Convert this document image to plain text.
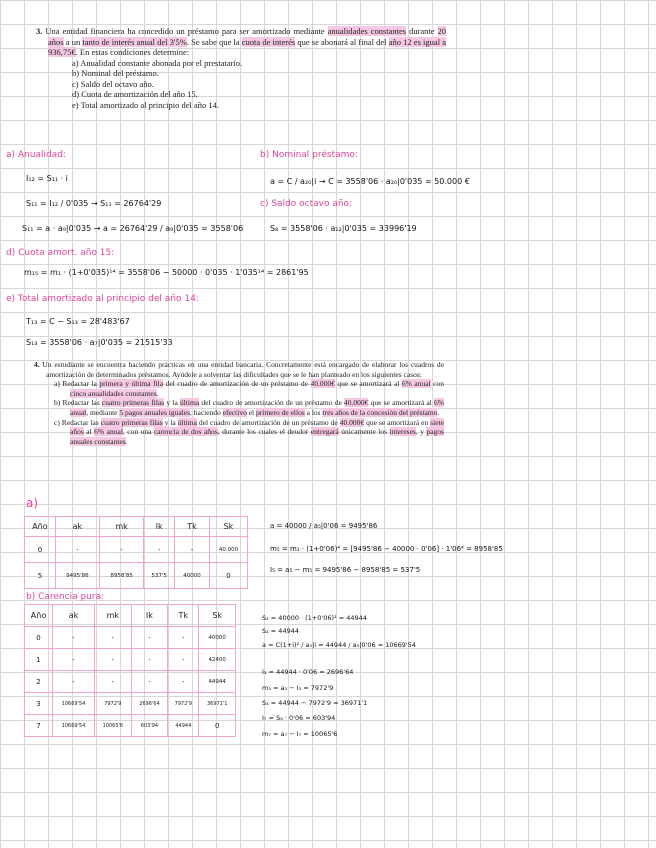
3. Una entidad financiera ha concedido un préstamo para ser amortizado mediante anualidades constantes durante 20 años a un tanto de interés anual del 3'5%. Se sabe que la cuota de interés que se abonará al final del año 12 es igual a 936,75€. En estas condiciones determine:
a) Anualidad constante abonada por el prestatario.
b) Nominal del préstamo.
c) Saldo del octavo año.
d) Cuota de amortización del año 15.
e) Total amortizado al principio del año 14.
a) Anualidad:
I₁₂ = S₁₁ · i
S₁₁ = I₁₂ / 0'035 → S₁₁ = 26764'29
S₁₁ = a · a₉|0'035 → a = 26764'29 / a₉|0'035 = 3558'06
b) Nominal préstamo:
a = C / a₂₀|i → C = 3558'06 · a₂₀|0'035 = 50.000 €
c) Saldo octavo año:
S₈ = 3558'06 · a₁₂|0'035 = 33996'19
d) Cuota amort. año 15:
m₁₅ = m₁ · (1+0'035)¹⁴ = 3558'06 − 50000 · 0'035 · 1'035¹⁴ = 2861'95
e) Total amortizado al principio del año 14:
T₁₃ = C − S₁₃ = 28'483'67
S₁₃ = 3558'06 · a₇|0'035 = 21515'33
4. Un estudiante se encuentra haciendo prácticas en una entidad bancaria. Concretamente está encargado de elaborar los cuadros de amortización de determinados préstamos. Ayúdele a solventar las dificultades que se le han planteado en los siguientes casos:
a) Redactar la primera y última fila del cuadro de amortización de un préstamo de 40.000€ que se amortizará al 6% anual con cinco anualidades constantes.
b) Redactar las cuatro primeras filas y la última del cuadro de amortización de un préstamo de 40.000€ que se amortizará al 6% anual, mediante 5 pagos anuales iguales, haciendo efectivo el primero de ellos a los tres años de la concesión del préstamo.
c) Redactar las cuatro primeras filas y la última del cuadro de amortización de un préstamo de 40.000€ que se amortizará en siete años al 6% anual, con una carencia de dos años, durante los cuales el deudor entregará únicamente los intereses, y pagos anuales constantes.
a)
Año	ak	mk	Ik	Tk	Sk
0	-	-	-	-	40.000
5	9495'86	8958'85	537'5	40000	0
a = 40000 / a₅|0'06 = 9495'86
m₅ = m₁ · (1+0'06)⁴ = [9495'86 − 40000 · 0'06] · 1'06⁴ = 8958'85
I₅ = a₅ − m₅ = 9495'86 − 8958'85 = 537'5
b) Carencia pura:
Año	ak	mk	Ik	Tk	Sk
0	-	-	-	-	40000
1	-	-	-	-	42400
2	-	-	-	-	44944
3	10669'54	7972'9	2696'64	7972'9	36971'1
7	10669'54	10065'6	603'94	44944	0
S₂ = 40000 · (1+0'06)² = 44944
S₂ = 44944
a = C(1+i)² / a₅|i = 44944 / a₅|0'06 = 10669'54
I₃ = 44944 · 0'06 = 2696'64
m₃ = a₃ − I₃ = 7972'9
S₃ = 44944 − 7972'9 = 36971'1
I₇ = S₆ · 0'06 = 603'94
m₇ = a₇ − I₇ = 10065'6
